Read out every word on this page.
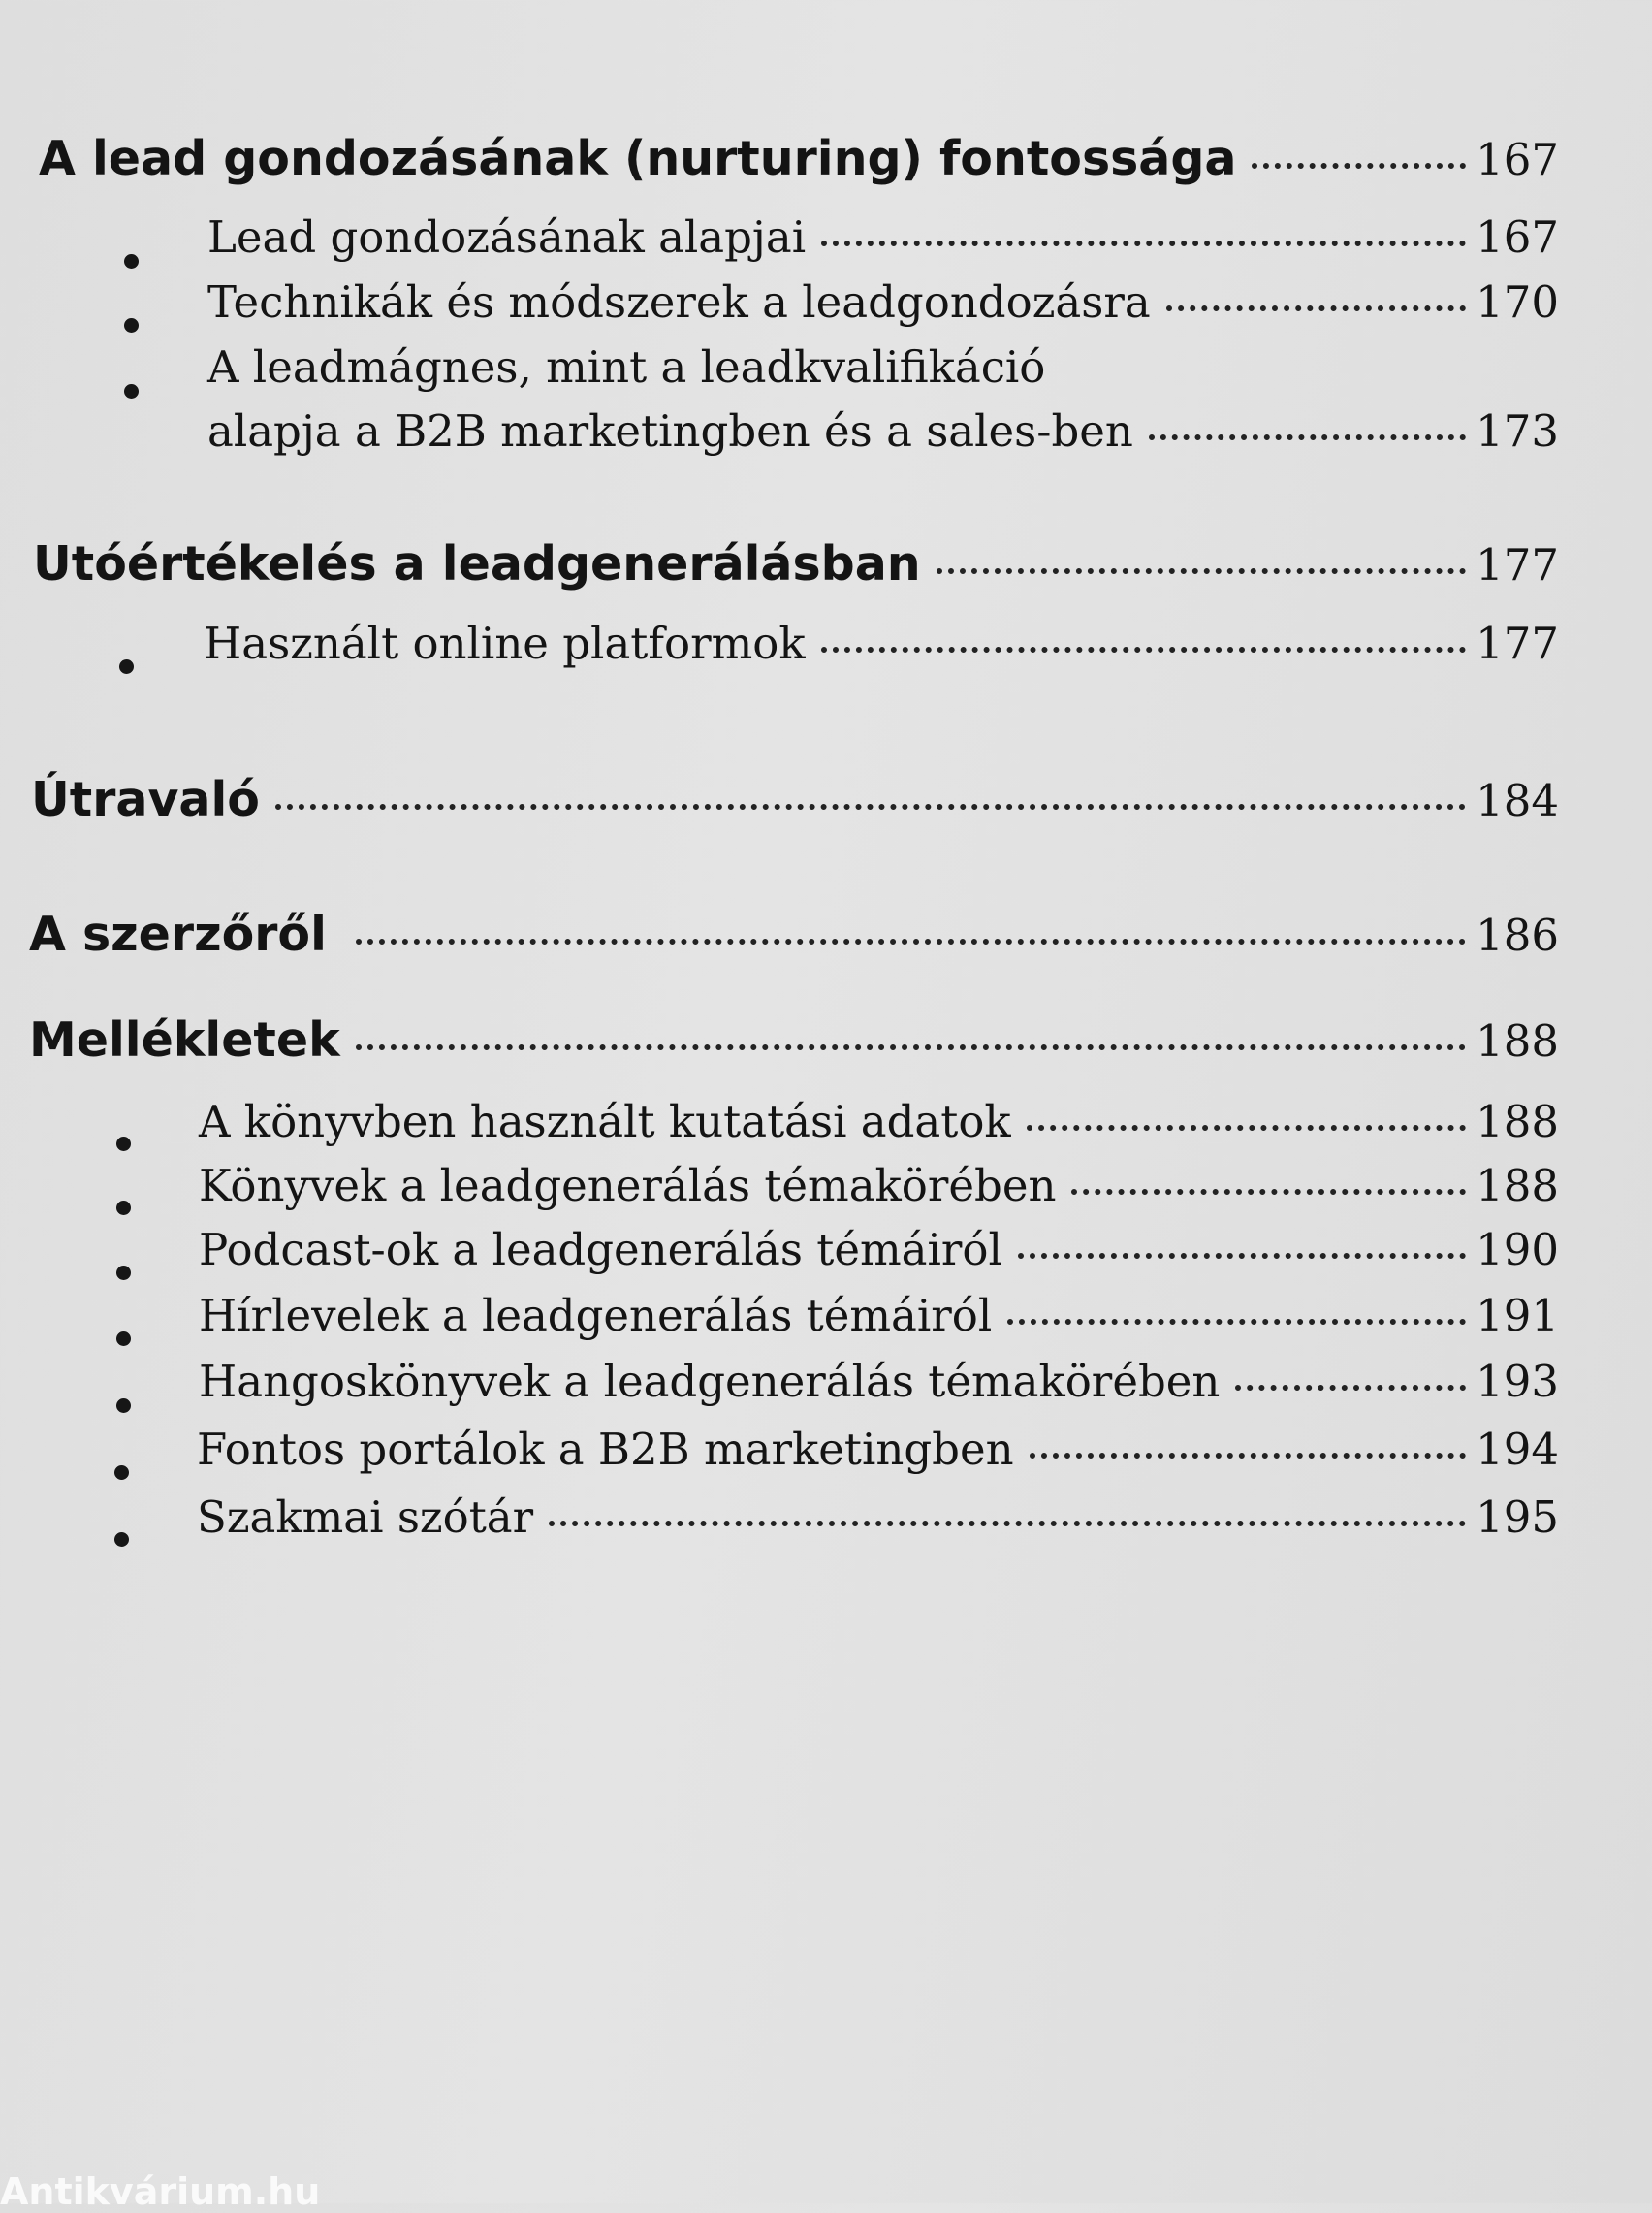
A lead gondozásának (nurturing) fontossága	167
Lead gondozásának alapjai	167
Technikák és módszerek a leadgondozásra	170
A leadmágnes, mint a leadkvalifikáció
alapja a B2B marketingben és a sales-ben	173
Utóértékelés a leadgenerálásban	177
Használt online platformok	177
Útravaló	184
A szerzőről	186
Mellékletek	188
A könyvben használt kutatási adatok	188
Könyvek a leadgenerálás témakörében	188
Podcast-ok a leadgenerálás témáiról	190
Hírlevelek a leadgenerálás témáiról	191
Hangoskönyvek a leadgenerálás témakörében	193
Fontos portálok a B2B marketingben	194
Szakmai szótár	195
Antikvárium.hu
